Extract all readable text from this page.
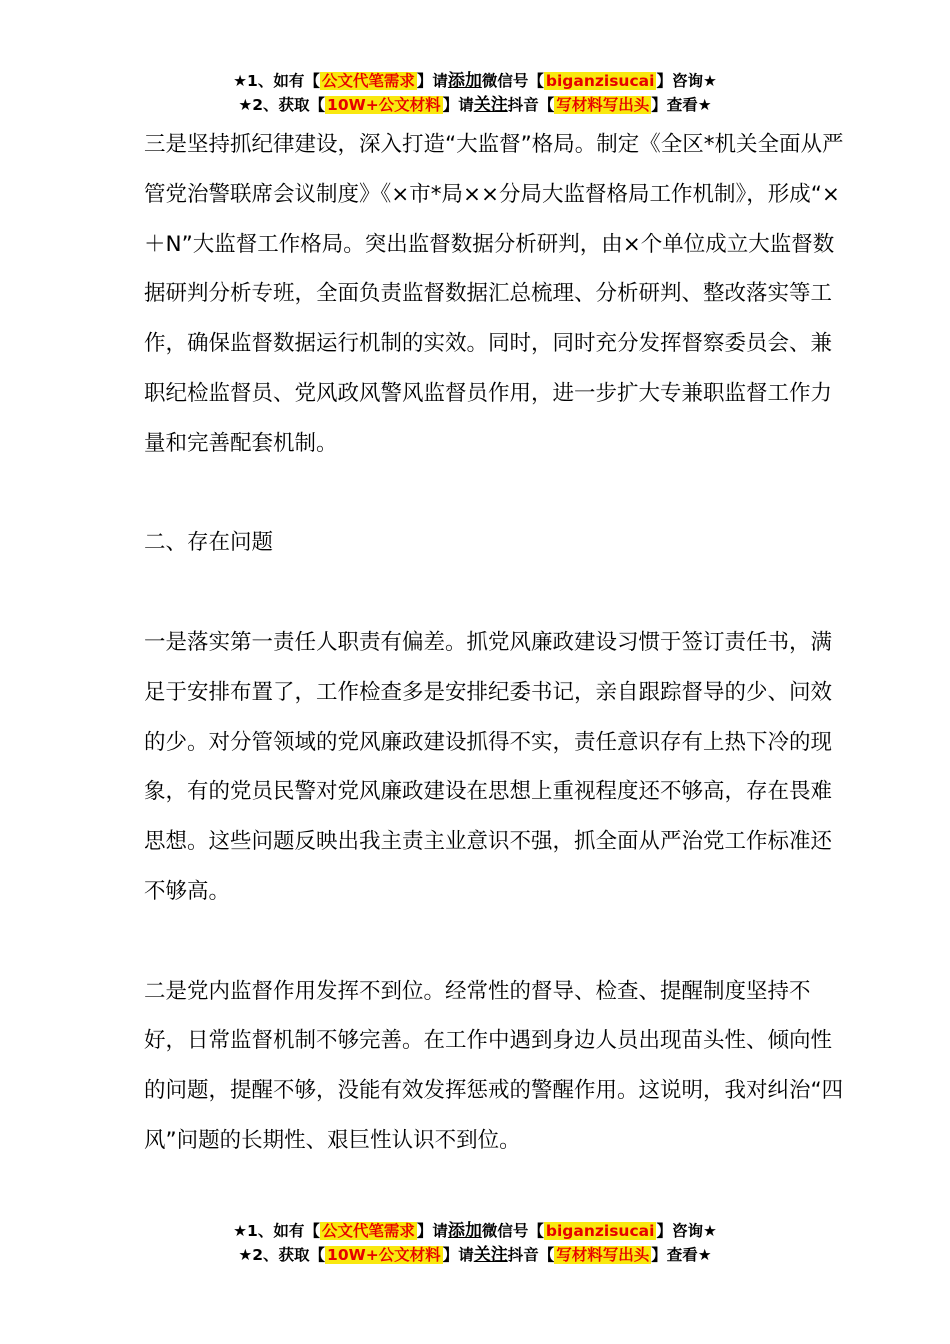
★1、如有【 公文代笔需求 】请添加微信号【 biganzisucai 】咨询★
★2、获取【 10W+公文材料 】请关注抖音【 写材料写出头 】查看★

三是坚持抓纪律建设，深入打造“大监督”格局。制定《全区*机关全面从严管党治警联席会议制度》《×市*局××分局大监督格局工作机制》，形成“×＋N”大监督工作格局。突出监督数据分析研判，由×个单位成立大监督数据研判分析专班，全面负责监督数据汇总梳理、分析研判、整改落实等工作，确保监督数据运行机制的实效。同时，同时充分发挥督察委员会、兼职纪检监督员、党风政风警风监督员作用，进一步扩大专兼职监督工作力量和完善配套机制。

二、存在问题

一是落实第一责任人职责有偏差。抓党风廉政建设习惯于签订责任书，满足于安排布置了，工作检查多是安排纪委书记，亲自跟踪督导的少、问效的少。对分管领域的党风廉政建设抓得不实，责任意识存有上热下冷的现象，有的党员民警对党风廉政建设在思想上重视程度还不够高，存在畏难思想。这些问题反映出我主责主业意识不强，抓全面从严治党工作标准还不够高。

二是党内监督作用发挥不到位。经常性的督导、检查、提醒制度坚持不好，日常监督机制不够完善。在工作中遇到身边人员出现苗头性、倾向性的问题，提醒不够，没能有效发挥惩戒的警醒作用。这说明，我对纠治“四风”问题的长期性、艰巨性认识不到位。

★1、如有【 公文代笔需求 】请添加微信号【 biganzisucai 】咨询★
★2、获取【 10W+公文材料 】请关注抖音【 写材料写出头 】查看★
